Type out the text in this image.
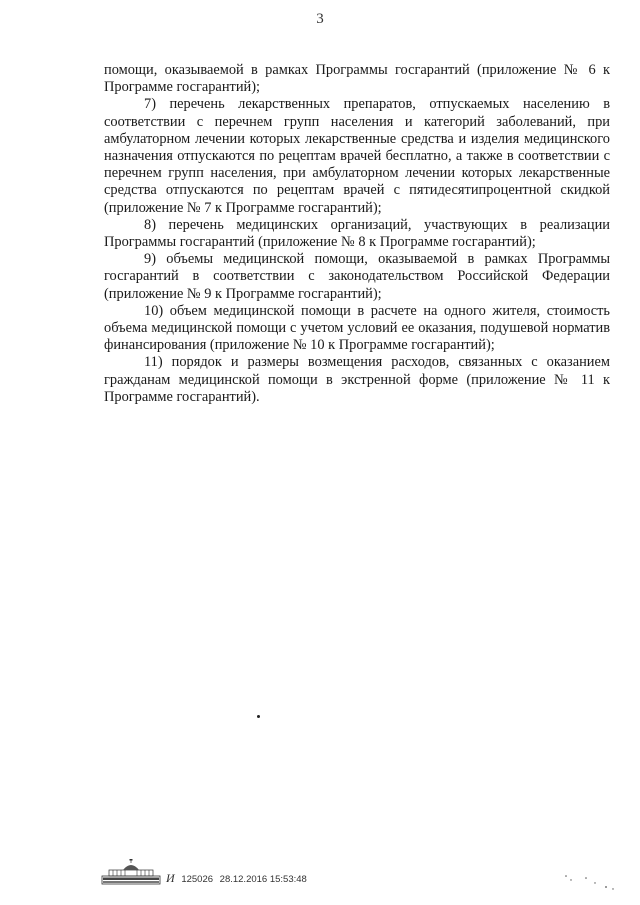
3

помощи, оказываемой в рамках Программы госгарантий (приложение № 6 к Программе госгарантий);

7) перечень лекарственных препаратов, отпускаемых населению в соответствии с перечнем групп населения и категорий заболеваний, при амбулаторном лечении которых лекарственные средства и изделия медицинского назначения отпускаются по рецептам врачей бесплатно, а также в соответствии с перечнем групп населения, при амбулаторном лечении которых лекарственные средства отпускаются по рецептам врачей с пятидесятипроцентной скидкой (приложение № 7 к Программе госгарантий);

8) перечень медицинских организаций, участвующих в реализации Программы госгарантий (приложение № 8 к Программе госгарантий);

9) объемы медицинской помощи, оказываемой в рамках Программы госгарантий в соответствии с законодательством Российской Федерации (приложение № 9 к Программе госгарантий);

10) объем медицинской помощи в расчете на одного жителя, стоимость объема медицинской помощи с учетом условий ее оказания, подушевой норматив финансирования (приложение № 10 к Программе госгарантий);

11) порядок и размеры возмещения расходов, связанных с оказанием гражданам медицинской помощи в экстренной форме (приложение № 11 к Программе госгарантий).

И 125026 28.12.2016 15:53:48
